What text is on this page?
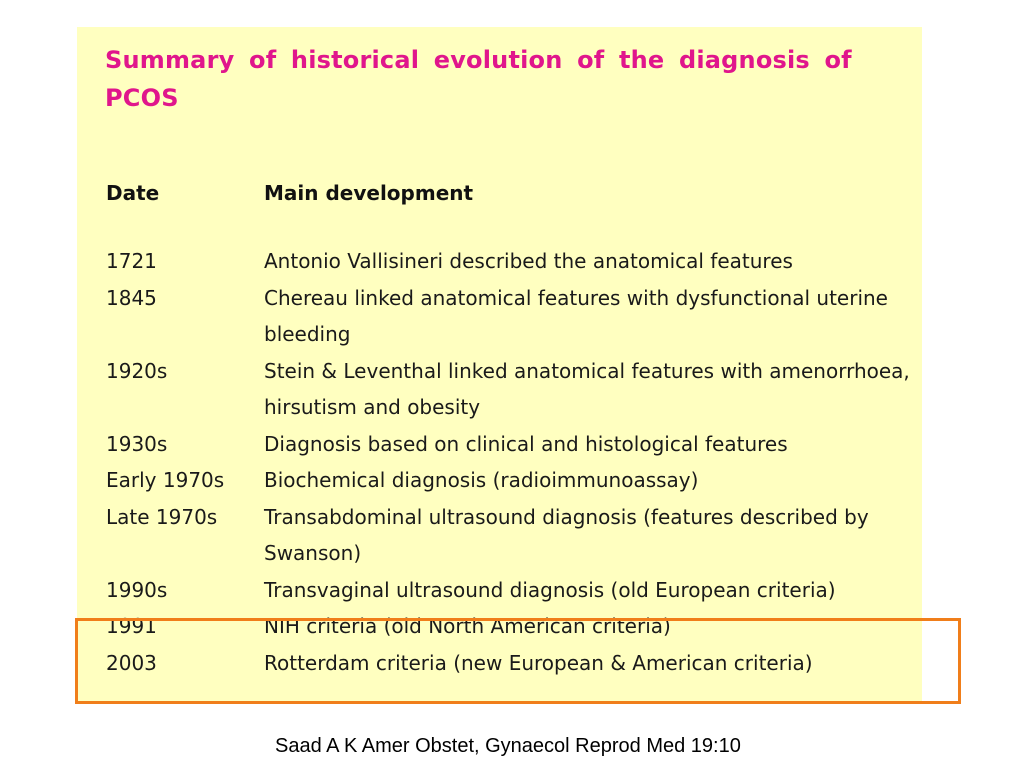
Summary of historical evolution of the diagnosis of PCOS
Date	Main development
1721	Antonio Vallisineri described the anatomical features
1845	Chereau linked anatomical features with dysfunctional uterine bleeding
1920s	Stein & Leventhal linked anatomical features with amenorrhoea, hirsutism and obesity
1930s	Diagnosis based on clinical and histological features
Early 1970s Biochemical diagnosis (radioimmunoassay)
Late 1970s Transabdominal ultrasound diagnosis (features described by Swanson)
1990s	Transvaginal ultrasound diagnosis (old European criteria)
1991	NIH criteria (old North American criteria)
2003	Rotterdam criteria (new European & American criteria)
Saad A K Amer Obstet, Gynaecol Reprod Med 19:10
